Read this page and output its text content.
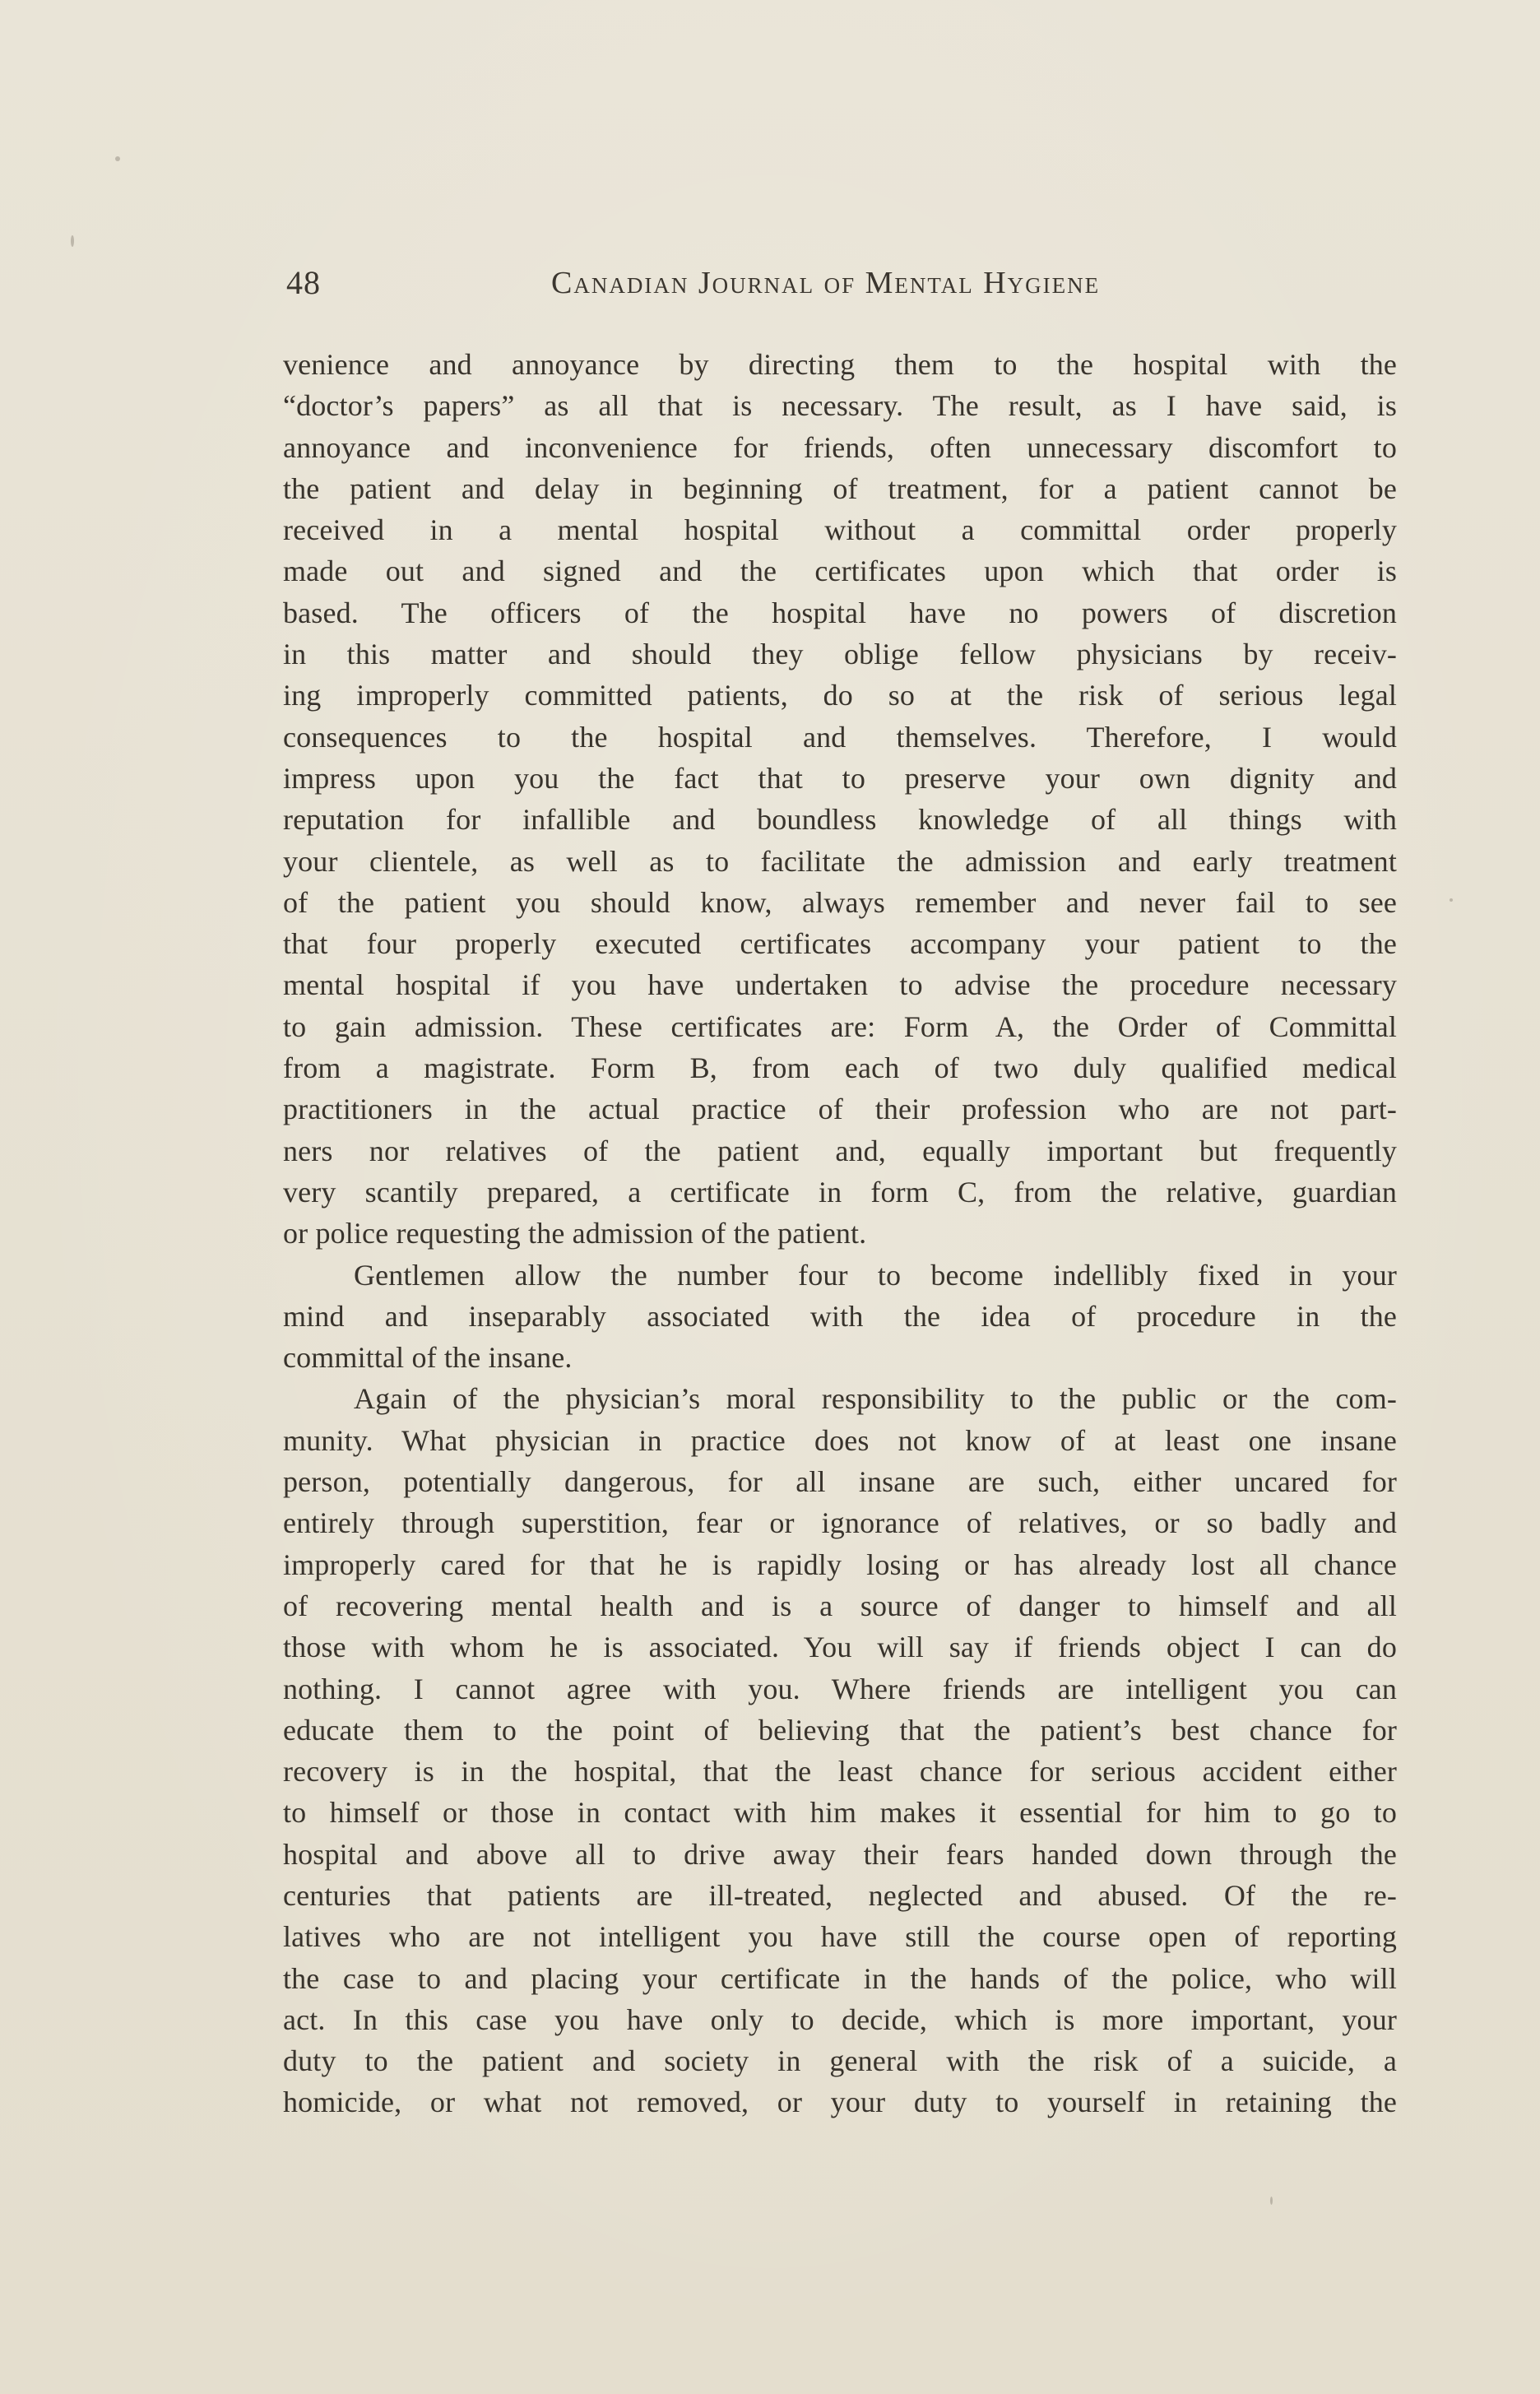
48	Canadian Journal of Mental Hygiene
venience and annoyance by directing them to the hospital with the
“doctor’s papers” as all that is necessary. The result, as I have said, is
annoyance and inconvenience for friends, often unnecessary discomfort to
the patient and delay in beginning of treatment, for a patient cannot be
received in a mental hospital without a committal order properly
made out and signed and the certificates upon which that order is
based. The officers of the hospital have no powers of discretion
in this matter and should they oblige fellow physicians by receiv-
ing improperly committed patients, do so at the risk of serious legal
consequences to the hospital and themselves. Therefore, I would
impress upon you the fact that to preserve your own dignity and
reputation for infallible and boundless knowledge of all things with
your clientele, as well as to facilitate the admission and early treatment
of the patient you should know, always remember and never fail to see
that four properly executed certificates accompany your patient to the
mental hospital if you have undertaken to advise the procedure necessary
to gain admission. These certificates are: Form A, the Order of Committal
from a magistrate. Form B, from each of two duly qualified medical
practitioners in the actual practice of their profession who are not part-
ners nor relatives of the patient and, equally important but frequently
very scantily prepared, a certificate in form C, from the relative, guardian
or police requesting the admission of the patient.
Gentlemen allow the number four to become indellibly fixed in your
mind and inseparably associated with the idea of procedure in the
committal of the insane.
Again of the physician’s moral responsibility to the public or the com-
munity. What physician in practice does not know of at least one insane
person, potentially dangerous, for all insane are such, either uncared for
entirely through superstition, fear or ignorance of relatives, or so badly and
improperly cared for that he is rapidly losing or has already lost all chance
of recovering mental health and is a source of danger to himself and all
those with whom he is associated. You will say if friends object I can do
nothing. I cannot agree with you. Where friends are intelligent you can
educate them to the point of believing that the patient’s best chance for
recovery is in the hospital, that the least chance for serious accident either
to himself or those in contact with him makes it essential for him to go to
hospital and above all to drive away their fears handed down through the
centuries that patients are ill-treated, neglected and abused. Of the re-
latives who are not intelligent you have still the course open of reporting
the case to and placing your certificate in the hands of the police, who will
act. In this case you have only to decide, which is more important, your
duty to the patient and society in general with the risk of a suicide, a
homicide, or what not removed, or your duty to yourself in retaining the
